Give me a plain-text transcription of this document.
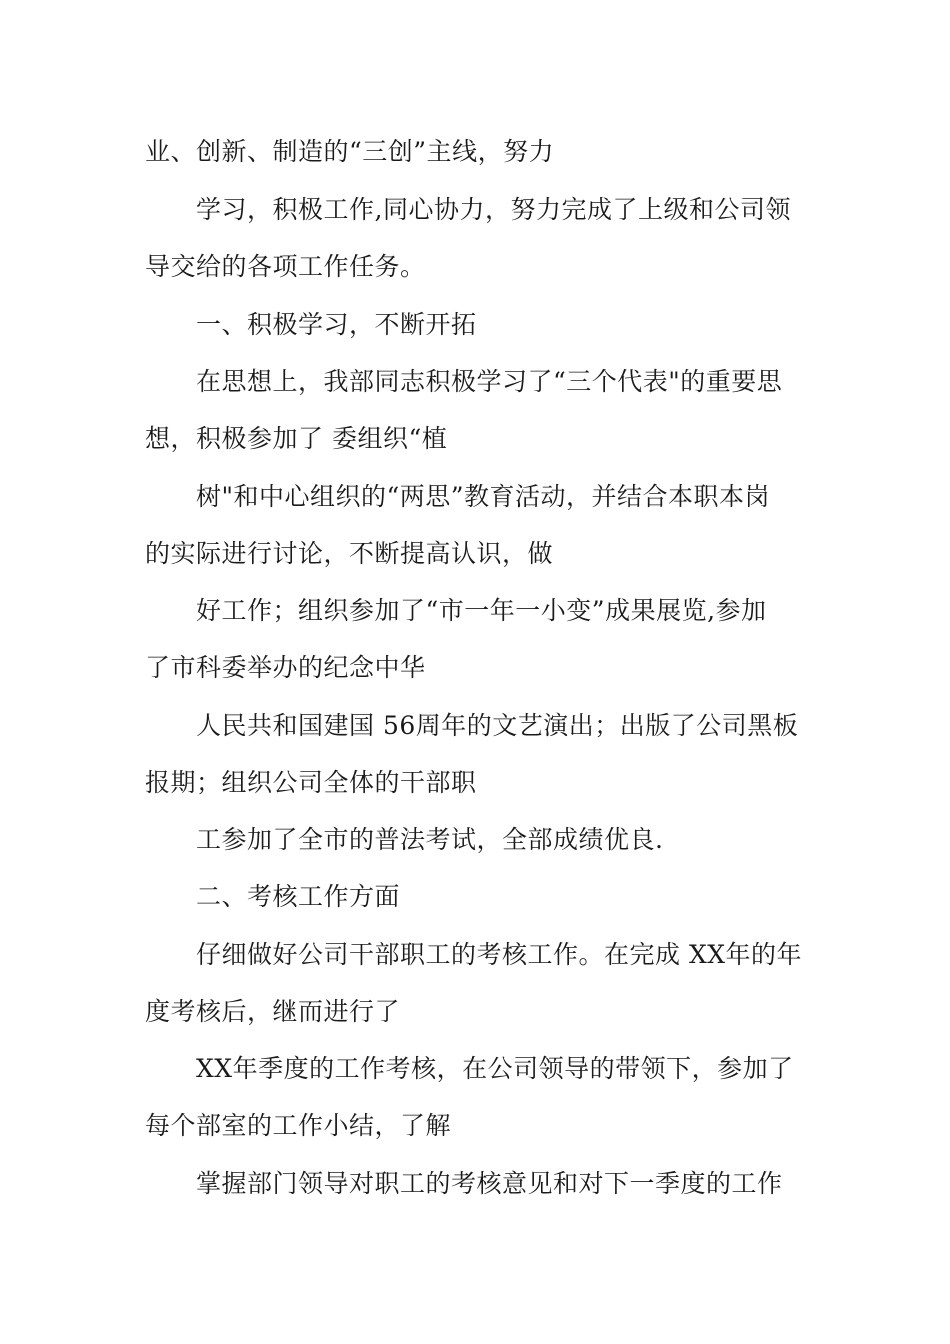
业、创新、制造的“三创”主线，努力
学习，积极工作,同心协力，努力完成了上级和公司领
导交给的各项工作任务。
一、积极学习，不断开拓
在思想上，我部同志积极学习了“三个代表"的重要思
想，积极参加了 委组织“植
树"和中心组织的“两思”教育活动，并结合本职本岗
的实际进行讨论，不断提高认识，做
好工作；组织参加了“市一年一小变”成果展览,参加
了市科委举办的纪念中华
人民共和国建国 56周年的文艺演出；出版了公司黑板
报期；组织公司全体的干部职
工参加了全市的普法考试，全部成绩优良.
二、考核工作方面
仔细做好公司干部职工的考核工作。在完成 XX年的年
度考核后，继而进行了
XX年季度的工作考核，在公司领导的带领下，参加了
每个部室的工作小结，了解
掌握部门领导对职工的考核意见和对下一季度的工作
